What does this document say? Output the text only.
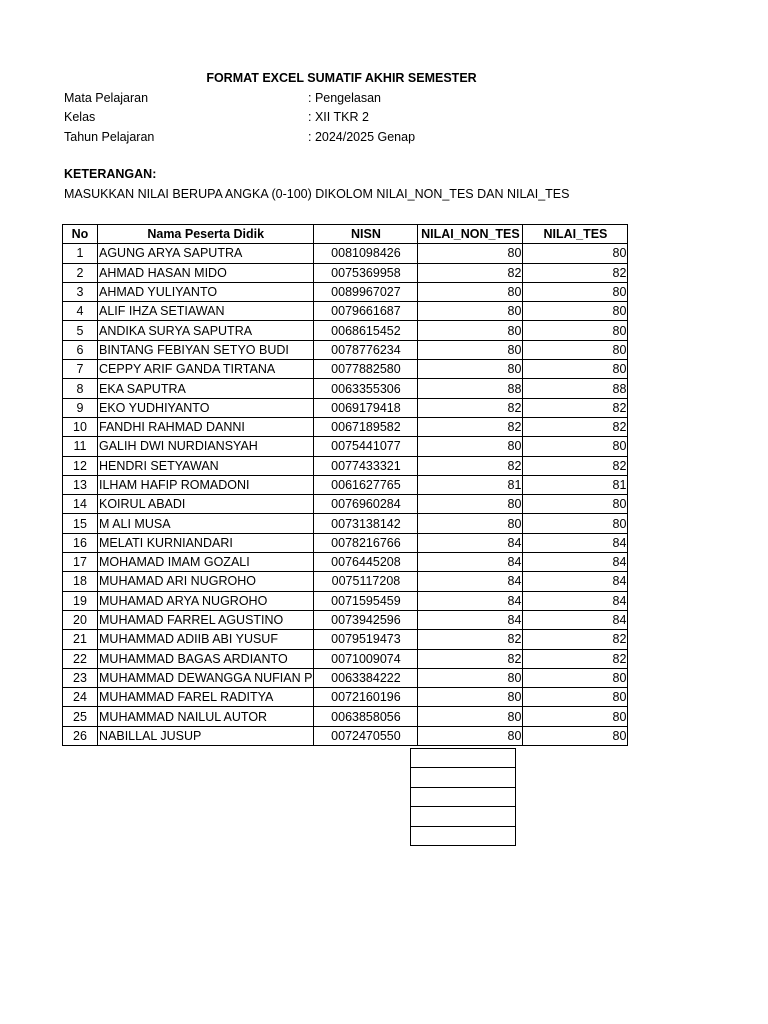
FORMAT EXCEL SUMATIF AKHIR SEMESTER
Mata Pelajaran	: Pengelasan
Kelas	: XII TKR 2
Tahun Pelajaran	: 2024/2025 Genap
KETERANGAN:
MASUKKAN NILAI BERUPA ANGKA (0-100) DIKOLOM NILAI_NON_TES DAN NILAI_TES
No	Nama Peserta Didik	NISN	NILAI_NON_TES	NILAI_TES
1	AGUNG ARYA SAPUTRA	0081098426	80	80
2	AHMAD HASAN MIDO	0075369958	82	82
3	AHMAD YULIYANTO	0089967027	80	80
4	ALIF IHZA SETIAWAN	0079661687	80	80
5	ANDIKA SURYA SAPUTRA	0068615452	80	80
6	BINTANG FEBIYAN SETYO BUDI	0078776234	80	80
7	CEPPY ARIF GANDA TIRTANA	0077882580	80	80
8	EKA SAPUTRA	0063355306	88	88
9	EKO YUDHIYANTO	0069179418	82	82
10	FANDHI RAHMAD DANNI	0067189582	82	82
11	GALIH DWI NURDIANSYAH	0075441077	80	80
12	HENDRI SETYAWAN	0077433321	82	82
13	ILHAM HAFIP ROMADONI	0061627765	81	81
14	KOIRUL ABADI	0076960284	80	80
15	M ALI MUSA	0073138142	80	80
16	MELATI KURNIANDARI	0078216766	84	84
17	MOHAMAD IMAM GOZALI	0076445208	84	84
18	MUHAMAD ARI NUGROHO	0075117208	84	84
19	MUHAMAD ARYA NUGROHO	0071595459	84	84
20	MUHAMAD FARREL AGUSTINO	0073942596	84	84
21	MUHAMMAD ADIIB ABI YUSUF	0079519473	82	82
22	MUHAMMAD BAGAS ARDIANTO	0071009074	82	82
23	MUHAMMAD DEWANGGA NUFIAN P	0063384222	80	80
24	MUHAMMAD FAREL RADITYA	0072160196	80	80
25	MUHAMMAD NAILUL AUTOR	0063858056	80	80
26	NABILLAL JUSUP	0072470550	80	80
